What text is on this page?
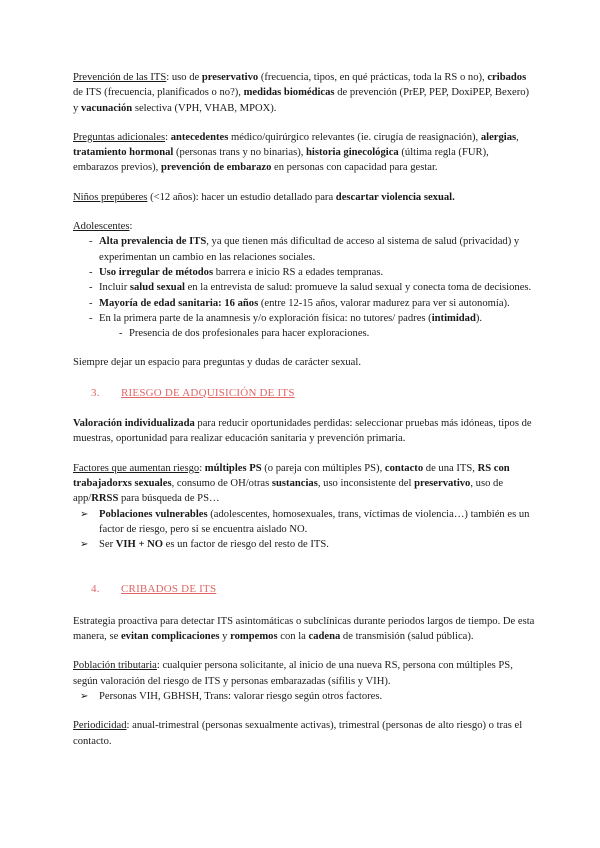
Prevención de las ITS: uso de preservativo (frecuencia, tipos, en qué prácticas, toda la RS o no), cribados de ITS (frecuencia, planificados o no?), medidas biomédicas de prevención (PrEP, PEP, DoxiPEP, Bexero) y vacunación selectiva (VPH, VHAB, MPOX).

Preguntas adicionales: antecedentes médico/quirúrgico relevantes (ie. cirugía de reasignación), alergias, tratamiento hormonal (personas trans y no binarias), historia ginecológica (última regla (FUR), embarazos previos), prevención de embarazo en personas con capacidad para gestar.

Niños prepúberes (<12 años): hacer un estudio detallado para descartar violencia sexual.

Adolescentes:

- Alta prevalencia de ITS, ya que tienen más dificultad de acceso al sistema de salud (privacidad) y experimentan un cambio en las relaciones sociales.
- Uso irregular de métodos barrera e inicio RS a edades tempranas.
- Incluir salud sexual en la entrevista de salud: promueve la salud sexual y conecta toma de decisiones.
- Mayoría de edad sanitaria: 16 años (entre 12-15 años, valorar madurez para ver si autonomía).
- En la primera parte de la anamnesis y/o exploración física: no tutores/ padres (intimidad).
- Presencia de dos profesionales para hacer exploraciones.

Siempre dejar un espacio para preguntas y dudas de carácter sexual.

3. RIESGO DE ADQUISICIÓN DE ITS

Valoración individualizada para reducir oportunidades perdidas: seleccionar pruebas más idóneas, tipos de muestras, oportunidad para realizar educación sanitaria y prevención primaria.

Factores que aumentan riesgo: múltiples PS (o pareja con múltiples PS), contacto de una ITS, RS con trabajadorxs sexuales, consumo de OH/otras sustancias, uso inconsistente del preservativo, uso de app/RRSS para búsqueda de PS…

➢ Poblaciones vulnerables (adolescentes, homosexuales, trans, víctimas de violencia…) también es un factor de riesgo, pero si se encuentra aislado NO.
➢ Ser VIH + NO es un factor de riesgo del resto de ITS.

4. CRIBADOS DE ITS

Estrategia proactiva para detectar ITS asintomáticas o subclínicas durante periodos largos de tiempo. De esta manera, se evitan complicaciones y rompemos con la cadena de transmisión (salud pública).

Población tributaria: cualquier persona solicitante, al inicio de una nueva RS, persona con múltiples PS, según valoración del riesgo de ITS y personas embarazadas (sífilis y VIH).

➢ Personas VIH, GBHSH, Trans: valorar riesgo según otros factores.

Periodicidad: anual-trimestral (personas sexualmente activas), trimestral (personas de alto riesgo) o tras el contacto.
